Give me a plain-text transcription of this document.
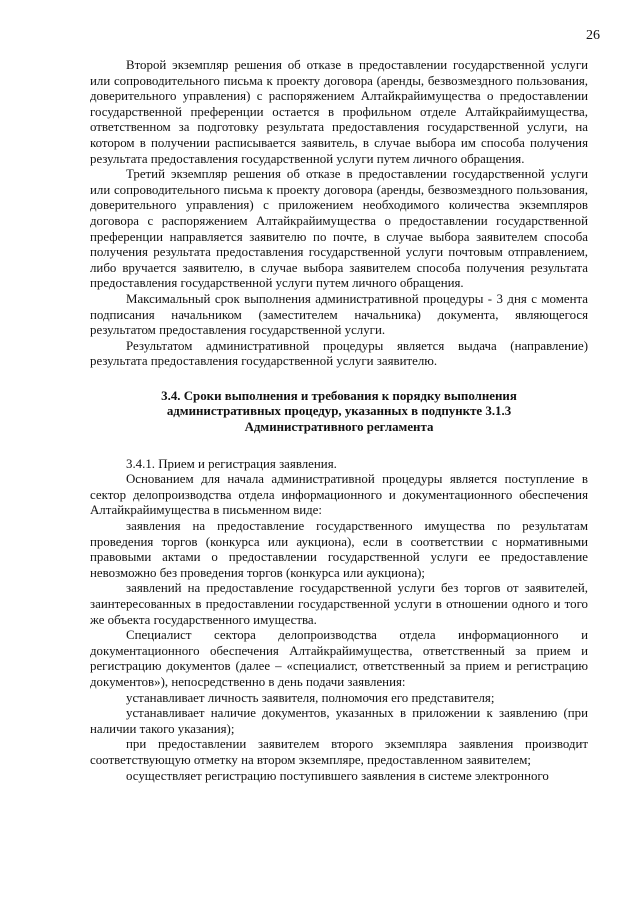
26

Второй экземпляр решения об отказе в предоставлении государственной услуги или сопроводительного письма к проекту договора (аренды, безвозмездного пользования, доверительного управления) с распоряжением Алтайкрайимущества о предоставлении государственной преференции остается в профильном отделе Алтайкрайимущества, ответственном за подготовку результата предоставления государственной услуги, на котором в получении расписывается заявитель, в случае выбора им способа получения результата предоставления государственной услуги путем личного обращения.

Третий экземпляр решения об отказе в предоставлении государственной услуги или сопроводительного письма к проекту договора (аренды, безвозмездного пользования, доверительного управления) с приложением необходимого количества экземпляров договора с распоряжением Алтайкрайимущества о предоставлении государственной преференции направляется заявителю по почте, в случае выбора заявителем способа получения результата предоставления государственной услуги почтовым отправлением, либо вручается заявителю, в случае выбора заявителем способа получения результата предоставления государственной услуги путем личного обращения.

Максимальный срок выполнения административной процедуры - 3 дня с момента подписания начальником (заместителем начальника) документа, являющегося результатом предоставления государственной услуги.

Результатом административной процедуры является выдача (направление) результата предоставления государственной услуги заявителю.

3.4. Сроки выполнения и требования к порядку выполнения
административных процедур, указанных в подпункте 3.1.3
Административного регламента

3.4.1. Прием и регистрация заявления.

Основанием для начала административной процедуры является поступление в сектор делопроизводства отдела информационного и документационного обеспечения Алтайкрайимущества в письменном виде:

заявления на предоставление государственного имущества по результатам проведения торгов (конкурса или аукциона), если в соответствии с нормативными правовыми актами о предоставлении государственной услуги ее предоставление невозможно без проведения торгов (конкурса или аукциона);

заявлений на предоставление государственной услуги без торгов от заявителей, заинтересованных в предоставлении государственной услуги в отношении одного и того же объекта государственного имущества.

Специалист сектора делопроизводства отдела информационного и документационного обеспечения Алтайкрайимущества, ответственный за прием и регистрацию документов (далее – «специалист, ответственный за прием и регистрацию документов»), непосредственно в день подачи заявления:

устанавливает личность заявителя, полномочия его представителя;

устанавливает наличие документов, указанных в приложении к заявлению (при наличии такого указания);

при предоставлении заявителем второго экземпляра заявления производит соответствующую отметку на втором экземпляре, предоставленном заявителем;

осуществляет регистрацию поступившего заявления в системе электронного
